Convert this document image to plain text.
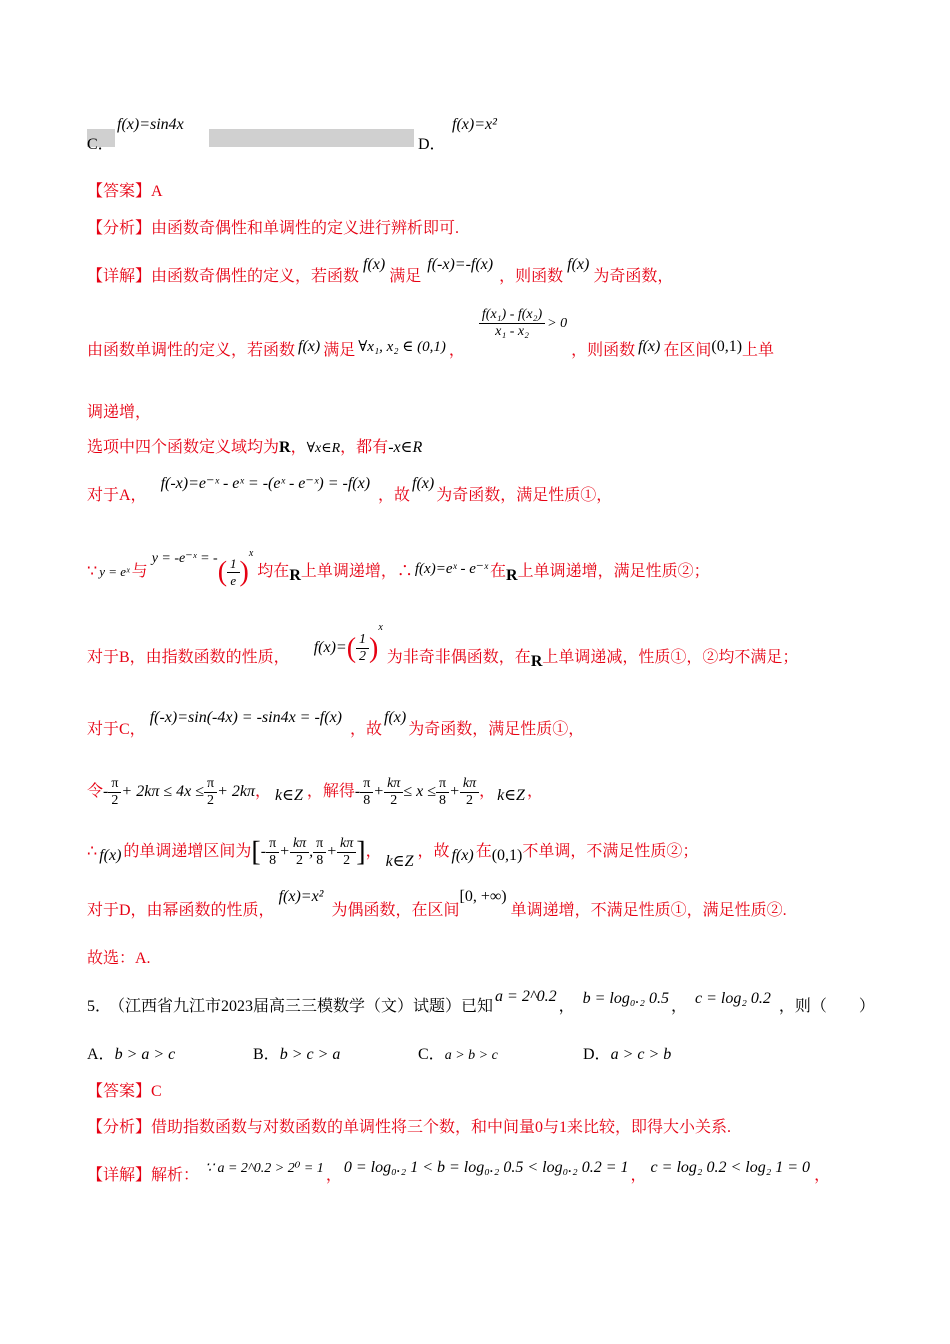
C．
f(x)=sin4x
D．
f(x)=x²
【答案】A
【分析】由函数奇偶性和单调性的定义进行辨析即可.
【详解】由函数奇偶性的定义，若函数f(x)满足f(-x)=-f(x)，则函数f(x)为奇函数，
由函数单调性的定义，若函数 f(x) 满足 ∀x₁, x₂ ∈ (0,1) ，
$\frac{\text{f(x₁) - f(x₂)}}{\text{x₁ - x₂}} > 0$ ，则函数 f(x) 在区间(0,1)上单
调递增，
选项中四个函数定义域均为R，∀x∈R，都有-x∈R
对于A，f(-x)=e⁻ˣ - eˣ = -(eˣ - e⁻ˣ) = -f(x)，故f(x)为奇函数，满足性质①，
∵ y = eˣ 与y = -e⁻ˣ = -( $\frac{1}{e} )^x$均在R上单调递增，∴ f(x)=eˣ - e⁻ˣ 在R上单调递增，满足性质②；
对于B，由指数函数的性质，$f(x)=( \frac{1}{2} )^x$为非奇非偶函数，在R上单调递减，性质①，②均不满足；
对于C，f(-x)=sin(-4x) = -sin4x = -f(x)，故f(x)为奇函数，满足性质①，
令- $\frac{\pi}{2} + 2k\pi \le 4x \le \frac{\pi}{2} + 2k\pi$， k∈Z ，解得- $\frac{\pi}{8} + \frac{k\pi}{2} \le x \le \frac{\pi}{8} + \frac{k\pi}{2}$ ， k∈Z ，
∴ f(x) 的单调递增区间为[- $\frac{\pi}{8} + \frac{k\pi}{2}$ , $\frac{\pi}{8} + \frac{k\pi}{2}$ ]，k∈Z，故 f(x) 在(0,1)不单调，不满足性质②；
对于D，由幂函数的性质，f(x)=x²为偶函数，在区间[0, +∞)单调递增，不满足性质①，满足性质②.
故选：A.
5． （江西省九江市2023届高三三模数学（文）试题）已知a = 2^0.2， b = log₀.₂ 0.5 ， c = log₂ 0.2 ，则（　　）
A．b > a > c	B．b > c > a	C．a > b > c	D．a > c > b
【答案】C
【分析】借助指数函数与对数函数的单调性将三个数，和中间量0与1来比较，即得大小关系.
【详解】解析： ∵ a = 2^0.2 > 2⁰ = 1 ， 0 = log₀.₂ 1 < b = log₀.₂ 0.5 < log₀.₂ 0.2 = 1 ， c = log₂ 0.2 < log₂ 1 = 0 ，
